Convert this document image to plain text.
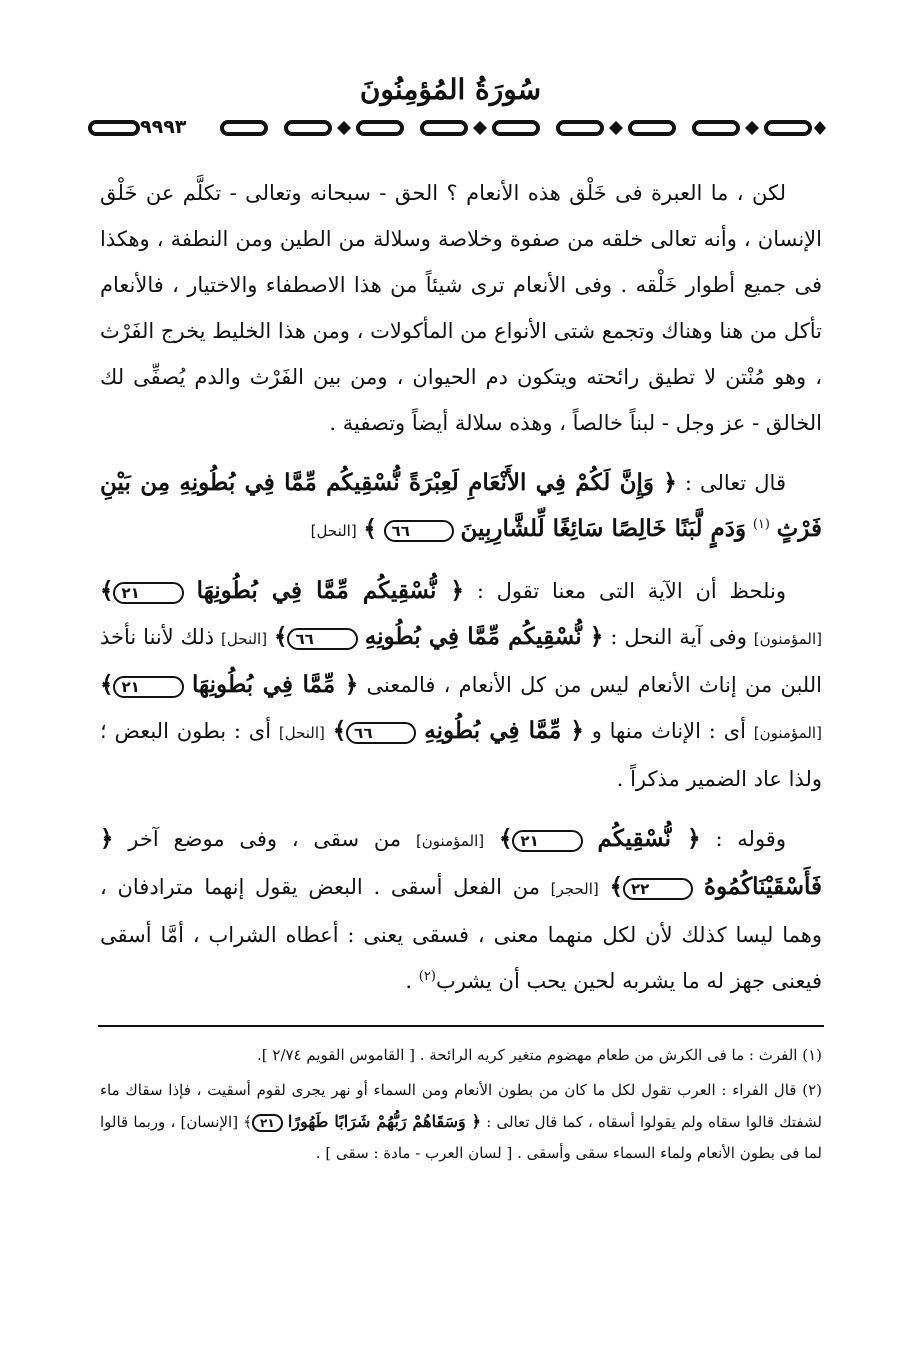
سُورَةُ المُؤمِنُونَ
٩٩٩٣

لكن ، ما العبرة فى خَلْق هذه الأنعام ؟ الحق - سبحانه وتعالى - تكلَّم عن خَلْق الإنسان ، وأنه تعالى خلقه من صفوة وخلاصة وسلالة من الطين ومن النطفة ، وهكذا فى جميع أطوار خَلْقه . وفى الأنعام ترى شيئاً من هذا الاصطفاء والاختيار ، فالأنعام تأكل من هنا وهناك وتجمع شتى الأنواع من المأكولات ، ومن هذا الخليط يخرج الفَرْث ، وهو مُنْتن لا تطيق رائحته ويتكون دم الحيوان ، ومن بين الفَرْث والدم يُصفِّى لك الخالق - عز وجل - لبناً خالصاً ، وهذه سلالة أيضاً وتصفية .

قال تعالى : ﴿ وَإِنَّ لَكُمْ فِي الأَنْعَامِ لَعِبْرَةً نُّسْقِيكُم مِّمَّا فِي بُطُونِهِ مِن بَيْنِ فَرْثٍ $^{(١)}$ وَدَمٍ لَّبَنًا خَالِصًا سَائِغًا لِّلشَّارِبِينَ ٦٦ ﴾ [النحل]

ونلحظ أن الآية التى معنا تقول : ﴿ نُّسْقِيكُم مِّمَّا فِي بُطُونِهَا ٢١﴾ [المؤمنون] وفى آية النحل : ﴿ نُّسْقِيكُم مِّمَّا فِي بُطُونِهِ ٦٦﴾ [النحل] ذلك لأننا نأخذ اللبن من إناث الأنعام ليس من كل الأنعام ، فالمعنى ﴿ مِّمَّا فِي بُطُونِهَا ٢١﴾ [المؤمنون] أى : الإناث منها و ﴿ مِّمَّا فِي بُطُونِهِ ٦٦﴾ [النحل] أى : بطون البعض ؛ ولذا عاد الضمير مذكراً .

وقوله : ﴿ نُّسْقِيكُم ٢١﴾ [المؤمنون] من سقى ، وفى موضع آخر ﴿ فَأَسْقَيْنَاكُمُوهُ ٢٢﴾ [الحجر] من الفعل أسقى . البعض يقول إنهما مترادفان ، وهما ليسا كذلك لأن لكل منهما معنى ، فسقى يعنى : أعطاه الشراب ، أمَّا أسقى فيعنى جهز له ما يشربه لحين يحب أن يشرب$^{(٢)}$ .

(١) الفرث : ما فى الكرش من طعام مهضوم متغير كريه الرائحة . [ القاموس القويم ٢/٧٤ ].

(٢) قال الفراء : العرب تقول لكل ما كان من بطون الأنعام ومن السماء أو نهر يجرى لقوم أسقيت ، فإذا سقاك ماء لشفتك قالوا سقاه ولم يقولوا أسقاه ، كما قال تعالى : ﴿ وَسَقَاهُمْ رَبُّهُمْ شَرَابًا طَهُورًا ٢١﴾ [الإنسان] ، وربما قالوا لما فى بطون الأنعام ولماء السماء سقى وأسقى . [ لسان العرب - مادة : سقى ] .
